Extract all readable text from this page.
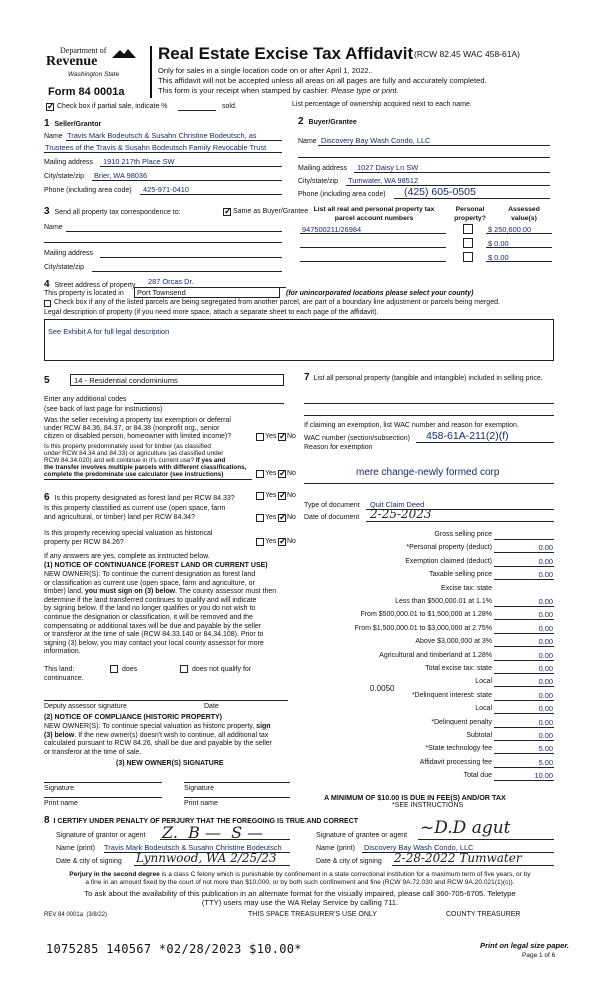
Department of
Revenue
Washington State
Form 84 0001a
Real Estate Excise Tax Affidavit (RCW 82.45 WAC 458-61A)
Only for sales in a single location code on or after April 1, 2022..
This affidavit will not be accepted unless all areas on all pages are fully and accurately completed.
This form is your receipt when stamped by cashier. Please type or print.
✓
Check box if partial sale, indicate %	sold.	List percentage of ownership acquired next to each name.
1 Seller/Grantor
Name Travis Mark Bodeutsch & Susahn Christine Bodeutsch, as
Trustees of the Travis & Susahn Bodeutsch Family Revocable Trust
Mailing address 1910 217th Place SW
City/state/zip Brier, WA 98036
Phone (including area code) 425-971-0410
2 Buyer/Grantee
Name Discovery Bay Wash Condo, LLC
Mailing address 1027 Daisy Ln SW
City/state/zip Tumwater, WA 98512
Phone (including area code) (425) 605-0505
3 Send all property tax correspondence to: ✓	Same as Buyer/Grantee
Name
Mailing address
City/state/zip
List all real and personal property tax
parcel account numbers
Personal
property?
Assessed
value(s)
947500211/26984	$ 250,600.00
$ 0.00
$ 0.00
4 Street address of property 287 Orcas Dr.
This property is located in	Port Townsend	(for unincorporated locations please select your county)
Check box if any of the listed parcels are being segregated from another parcel, are part of a boundary line adjustment or parcels being merged.
Legal description of property (if you need more space, attach a separate sheet to each page of the affidavit).
See Exhibit A for full legal description
5	14 - Residential condominiums
Enter any additional codes
(see back of last page for instructions)
Was the seller receiving a property tax exemption or deferral
under RCW 84.36, 84.37, or 84.38 (nonprofit org., senior
citizen or disabled person, homeowner with limited income)?	Yes ✓ No
Is this property predominately used for timber (as classified
under RCW 84.34 and 84.33) or agriculture (as classified under
RCW 84.34.020) and will continue in it's current use? If yes and
the transfer involves multiple parcels with different classifications,
complete the predominate use calculator (see instructions)	Yes ✓ No
6 Is this property designated as forest land per RCW 84.33?	Yes ✓ No
Is this property classified as current use (open space, farm
and agricultural, or timber) land per RCW 84.34?	Yes ✓ No
Is this property receiving special valuation as historical
property per RCW 84.26?	Yes ✓ No
If any answers are yes, complete as instructed below.
(1) NOTICE OF CONTINUANCE (FOREST LAND OR CURRENT USE)
NEW OWNER(S): To continue the current designation as forest land
or classification as current use (open space, farm and agriculture, or
timber) land, you must sign on (3) below. The county assessor must then
determine if the land transferred continues to qualify and will indicate
by signing below. If the land no longer qualifies or you do not wish to
continue the designation or classification, it will be removed and the
compensating or additional taxes will be due and payable by the seller
or transferor at the time of sale (RCW 84.33.140 or 84.34.108). Prior to
signing (3) below, you may contact your local county assessor for more
information.
This land:	does	does not qualify for
continuance.
Deputy assessor signature	Date
(2) NOTICE OF COMPLIANCE (HISTORIC PROPERTY)
NEW OWNER(S): To continue special valuation as historic property, sign
(3) below. If the new owner(s) doesn't wish to continue, all additional tax
calculated pursuant to RCW 84.26, shall be due and payable by the seller
or transferor at the time of sale.
(3) NEW OWNER(S) SIGNATURE
Signature	Signature
Print name	Print name
7 List all personal property (tangible and intangible) included in selling price.
If claiming an exemption, list WAC number and reason for exemption.
WAC number (section/subsection) 458-61A-211(2)(f)
Reason for exemption
mere change-newly formed corp
Type of document Quit Claim Deed
Date of document 2-25-2023
Gross selling price
*Personal property (deduct)	0.00
Exemption claimed (deduct)	0.00
Taxable selling price	0.00
Excise tax: state
Less than $500,000.01 at 1.1%	0.00
From $500,000.01 to $1,500,000 at 1.28%	0.00
From $1,500,000.01 to $3,000,000 at 2.75%	0.00
Above $3,000,000 at 3%	0.00
Agricultural and timberland at 1.28%	0.00
Total excise tax: state	0.00
Local	0.00
*Delinquent interest: state	0.00
Local	0.00
*Delinquent penalty	0.00
Subtotal	0.00
*State technology fee	5.00
Affidavit processing fee	5.00
Total due	10.00
0.0050
A MINIMUM OF $10.00 IS DUE IN FEE(S) AND/OR TAX
*SEE INSTRUCTIONS
8 I CERTIFY UNDER PENALTY OF PERJURY THAT THE FOREGOING IS TRUE AND CORRECT
Signature of grantor or agent Z.  B —  S —	Signature of grantee or agent ~D.D agut
Name (print) Travis Mark Bodeutsch & Susahn Christine Bodeutsch	Name (print) Discovery Bay Wash Condo, LLC
Date & city of signing Lynnwood, WA 2/25/23	Date & city of signing 2-28-2022 Tumwater
Perjury in the second degree is a class C felony which is punishable by confinement in a state correctional institution for a maximum term of five years, or by
a fine in an amount fixed by the court of not more than $10,000, or by both such confinement and fine (RCW 9A.72.030 and RCW 9A.20.021(1)(c)).
To ask about the availability of this publication in an alternate format for the visually impaired, please call 360-705-6705. Teletype
(TTY) users may use the WA Relay Service by calling 711.
REV 84 0001a (3/8/22)	THIS SPACE TREASURER'S USE ONLY	COUNTY TREASURER
1075285 140567 *02/28/2023 $10.00*	Print on legal size paper.
Page 1 of 6
